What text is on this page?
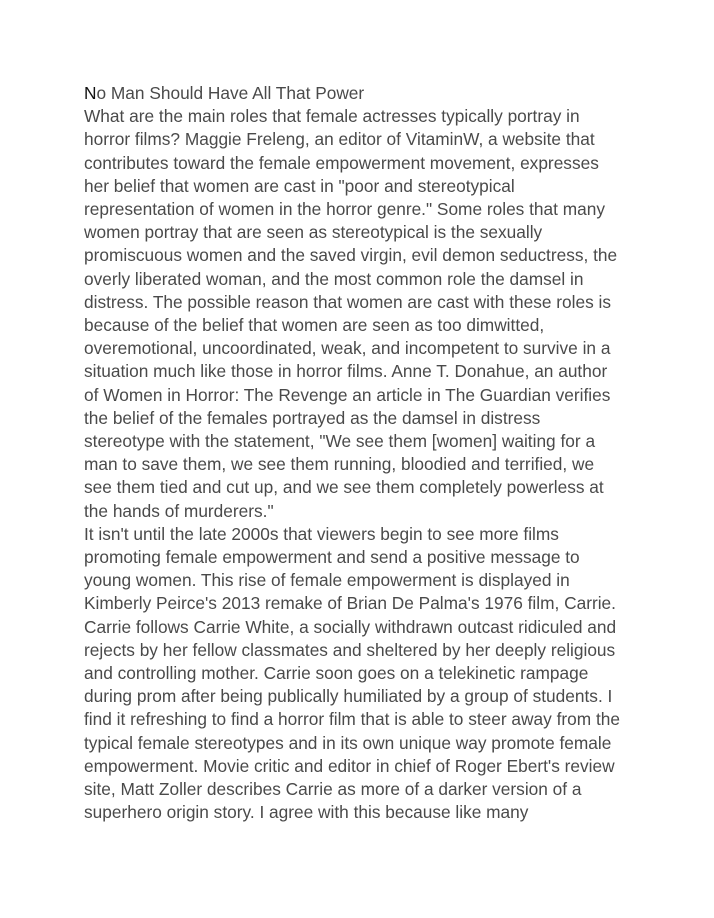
No Man Should Have All That Power

What are the main roles that female actresses typically portray in
horror films? Maggie Freleng, an editor of VitaminW, a website that
contributes toward the female empowerment movement, expresses
her belief that women are cast in "poor and stereotypical
representation of women in the horror genre." Some roles that many
women portray that are seen as stereotypical is the sexually
promiscuous women and the saved virgin, evil demon seductress, the
overly liberated woman, and the most common role the damsel in
distress. The possible reason that women are cast with these roles is
because of the belief that women are seen as too dimwitted,
overemotional, uncoordinated, weak, and incompetent to survive in a
situation much like those in horror films. Anne T. Donahue, an author
of Women in Horror: The Revenge an article in The Guardian verifies
the belief of the females portrayed as the damsel in distress
stereotype with the statement, "We see them [women] waiting for a
man to save them, we see them running, bloodied and terrified, we
see them tied and cut up, and we see them completely powerless at
the hands of murderers."

It isn't until the late 2000s that viewers begin to see more films
promoting female empowerment and send a positive message to
young women. This rise of female empowerment is displayed in
Kimberly Peirce's 2013 remake of Brian De Palma's 1976 film, Carrie.
Carrie follows Carrie White, a socially withdrawn outcast ridiculed and
rejects by her fellow classmates and sheltered by her deeply religious
and controlling mother. Carrie soon goes on a telekinetic rampage
during prom after being publically humiliated by a group of students. I
find it refreshing to find a horror film that is able to steer away from the
typical female stereotypes and in its own unique way promote female
empowerment. Movie critic and editor in chief of Roger Ebert's review
site, Matt Zoller describes Carrie as more of a darker version of a
superhero origin story. I agree with this because like many
